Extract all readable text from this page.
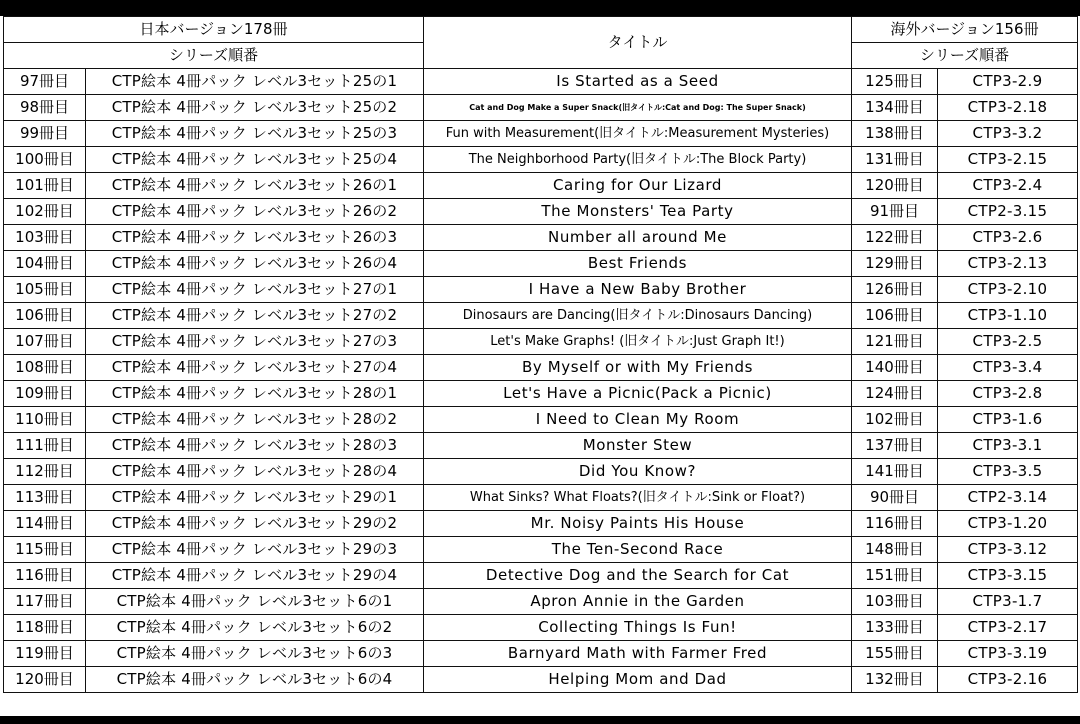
日本バージョン178冊		タイトル	海外バージョン156冊	
シリーズ順番			シリーズ順番	
97冊目	CTP絵本 4冊パック レベル3セット25の1	Is Started as a Seed	125冊目	CTP3-2.9
98冊目	CTP絵本 4冊パック レベル3セット25の2	Cat and Dog Make a Super Snack(旧タイトル:Cat and Dog: The Super Snack)	134冊目	CTP3-2.18
99冊目	CTP絵本 4冊パック レベル3セット25の3	Fun with Measurement(旧タイトル:Measurement Mysteries)	138冊目	CTP3-3.2
100冊目	CTP絵本 4冊パック レベル3セット25の4	The Neighborhood Party(旧タイトル:The Block Party)	131冊目	CTP3-2.15
101冊目	CTP絵本 4冊パック レベル3セット26の1	Caring for Our Lizard	120冊目	CTP3-2.4
102冊目	CTP絵本 4冊パック レベル3セット26の2	The Monsters' Tea Party	91冊目	CTP2-3.15
103冊目	CTP絵本 4冊パック レベル3セット26の3	Number all around Me	122冊目	CTP3-2.6
104冊目	CTP絵本 4冊パック レベル3セット26の4	Best Friends	129冊目	CTP3-2.13
105冊目	CTP絵本 4冊パック レベル3セット27の1	I Have a New Baby Brother	126冊目	CTP3-2.10
106冊目	CTP絵本 4冊パック レベル3セット27の2	Dinosaurs are Dancing(旧タイトル:Dinosaurs Dancing)	106冊目	CTP3-1.10
107冊目	CTP絵本 4冊パック レベル3セット27の3	Let's Make Graphs! (旧タイトル:Just Graph It!)	121冊目	CTP3-2.5
108冊目	CTP絵本 4冊パック レベル3セット27の4	By Myself or with My Friends	140冊目	CTP3-3.4
109冊目	CTP絵本 4冊パック レベル3セット28の1	Let's Have a Picnic(Pack a Picnic)	124冊目	CTP3-2.8
110冊目	CTP絵本 4冊パック レベル3セット28の2	I Need to Clean My Room	102冊目	CTP3-1.6
111冊目	CTP絵本 4冊パック レベル3セット28の3	Monster Stew	137冊目	CTP3-3.1
112冊目	CTP絵本 4冊パック レベル3セット28の4	Did You Know?	141冊目	CTP3-3.5
113冊目	CTP絵本 4冊パック レベル3セット29の1	What Sinks? What Floats?(旧タイトル:Sink or Float?)	90冊目	CTP2-3.14
114冊目	CTP絵本 4冊パック レベル3セット29の2	Mr. Noisy Paints His House	116冊目	CTP3-1.20
115冊目	CTP絵本 4冊パック レベル3セット29の3	The Ten-Second Race	148冊目	CTP3-3.12
116冊目	CTP絵本 4冊パック レベル3セット29の4	Detective Dog and the Search for Cat	151冊目	CTP3-3.15
117冊目	CTP絵本 4冊パック レベル3セット6の1	Apron Annie in the Garden	103冊目	CTP3-1.7
118冊目	CTP絵本 4冊パック レベル3セット6の2	Collecting Things Is Fun!	133冊目	CTP3-2.17
119冊目	CTP絵本 4冊パック レベル3セット6の3	Barnyard Math with Farmer Fred	155冊目	CTP3-3.19
120冊目	CTP絵本 4冊パック レベル3セット6の4	Helping Mom and Dad	132冊目	CTP3-2.16
